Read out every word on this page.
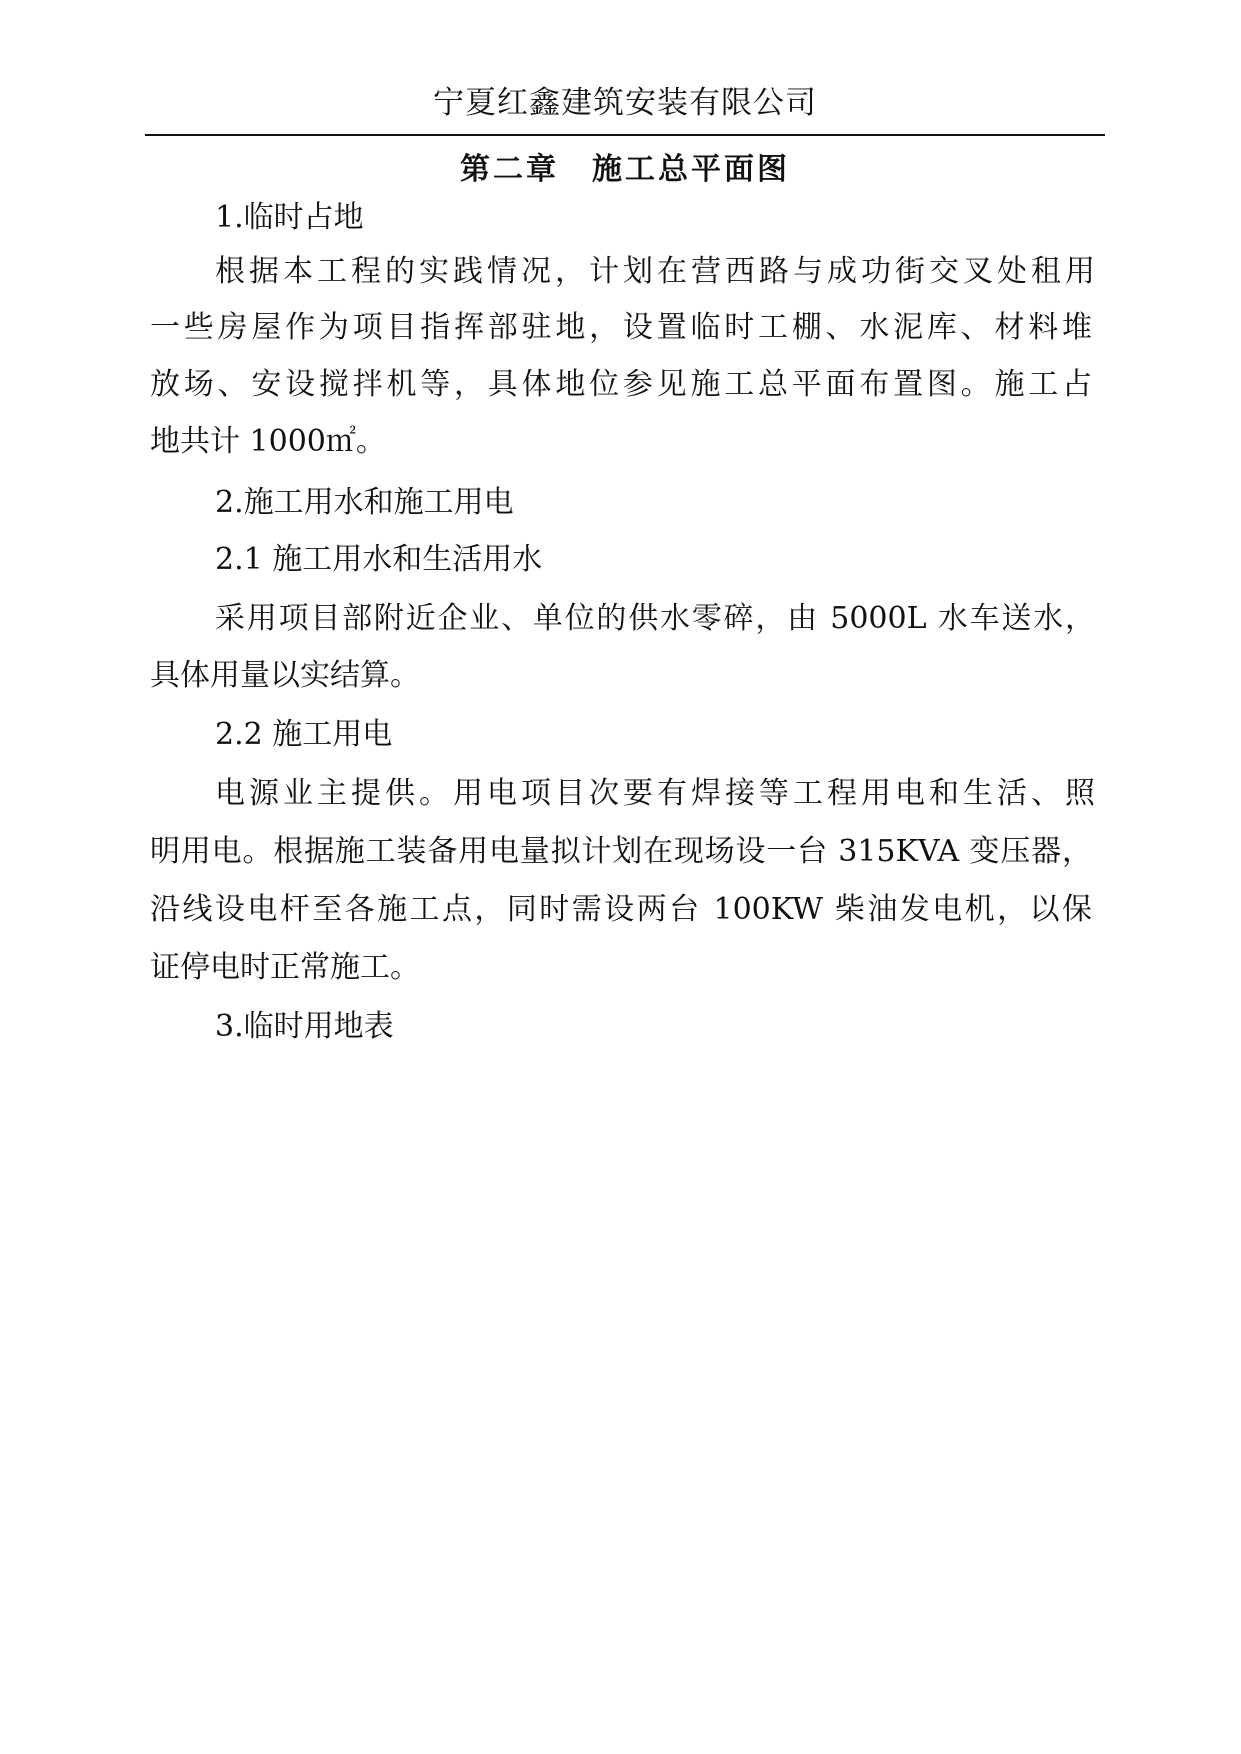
宁夏红鑫建筑安装有限公司
第二章　施工总平面图

1.临时占地

根据本工程的实践情况，计划在营西路与成功街交叉处租用

一些房屋作为项目指挥部驻地，设置临时工棚、水泥库、材料堆

放场、安设搅拌机等，具体地位参见施工总平面布置图。施工占

地共计 1000㎡。

2.施工用水和施工用电

2.1 施工用水和生活用水

采用项目部附近企业、单位的供水零碎，由 5000L 水车送水，

具体用量以实结算。

2.2 施工用电

电源业主提供。用电项目次要有焊接等工程用电和生活、照

明用电。根据施工装备用电量拟计划在现场设一台 315KVA 变压器，

沿线设电杆至各施工点，同时需设两台 100KW 柴油发电机，以保

证停电时正常施工。

3.临时用地表
